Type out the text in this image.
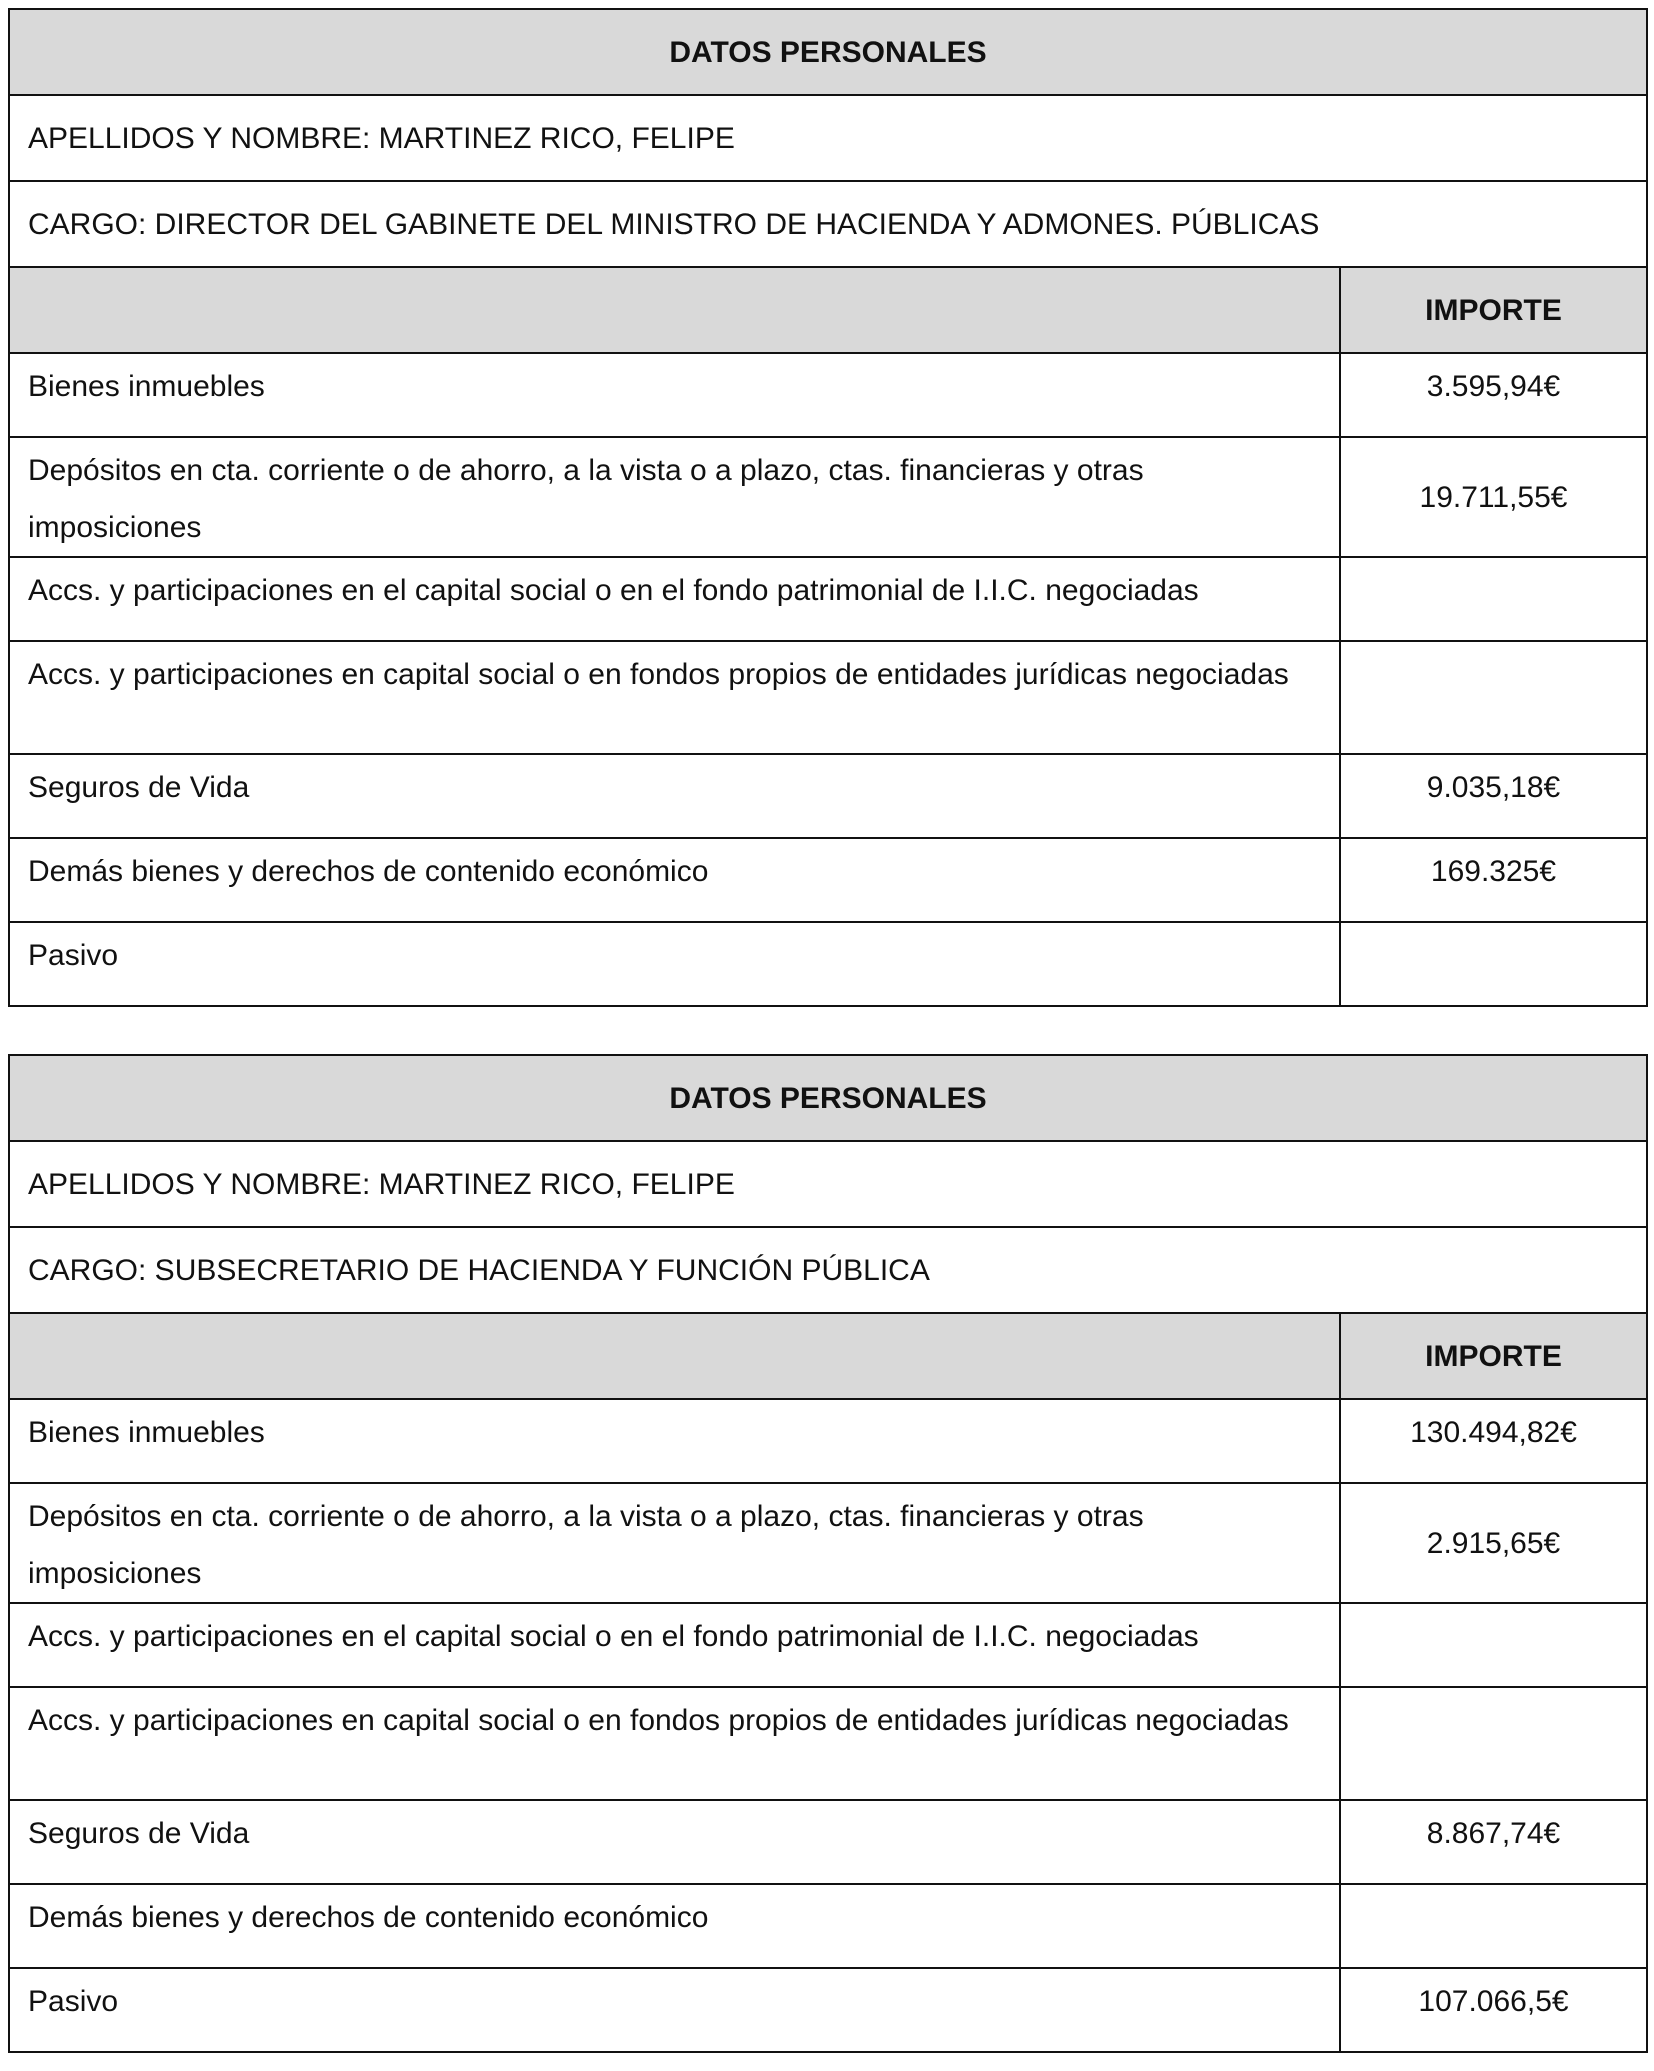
DATOS PERSONALES	
APELLIDOS Y NOMBRE: MARTINEZ RICO, FELIPE	
CARGO: DIRECTOR DEL GABINETE DEL MINISTRO DE HACIENDA Y ADMONES. PÚBLICAS	
	IMPORTE
Bienes inmuebles	3.595,94€
Depósitos en cta. corriente o de ahorro, a la vista o a plazo, ctas. financieras y otras imposiciones	19.711,55€
Accs. y participaciones en el capital social o en el fondo patrimonial de I.I.C. negociadas	
Accs. y participaciones en capital social o en fondos propios de entidades jurídicas negociadas	
Seguros de Vida	9.035,18€
Demás bienes y derechos de contenido económico	169.325€
Pasivo	
DATOS PERSONALES	
APELLIDOS Y NOMBRE: MARTINEZ RICO, FELIPE	
CARGO: SUBSECRETARIO DE HACIENDA Y FUNCIÓN PÚBLICA	
	IMPORTE
Bienes inmuebles	130.494,82€
Depósitos en cta. corriente o de ahorro, a la vista o a plazo, ctas. financieras y otras imposiciones	2.915,65€
Accs. y participaciones en el capital social o en el fondo patrimonial de I.I.C. negociadas	
Accs. y participaciones en capital social o en fondos propios de entidades jurídicas negociadas	
Seguros de Vida	8.867,74€
Demás bienes y derechos de contenido económico	
Pasivo	107.066,5€
